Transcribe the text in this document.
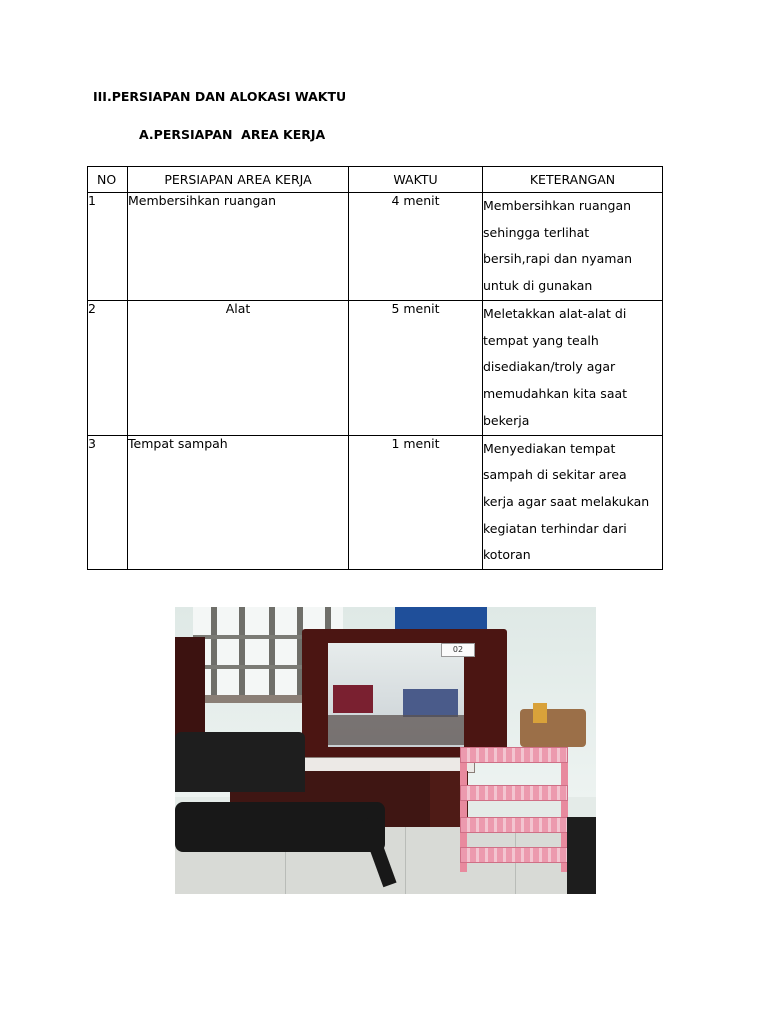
III.PERSIAPAN DAN ALOKASI WAKTU
A.PERSIAPAN  AREA KERJA
NO	PERSIAPAN AREA KERJA	WAKTU	KETERANGAN
1	Membersihkan ruangan	4 menit	Membersihkan ruangan
sehingga terlihat
bersih,rapi dan nyaman
untuk di gunakan

2	Alat	5 menit	Meletakkan alat-alat di
tempat yang tealh
disediakan/troly agar
memudahkan kita saat
bekerja

3	Tempat sampah	1 menit	Menyediakan tempat
sampah di sekitar area
kerja agar saat melakukan
kegiatan terhindar dari
kotoran
02
